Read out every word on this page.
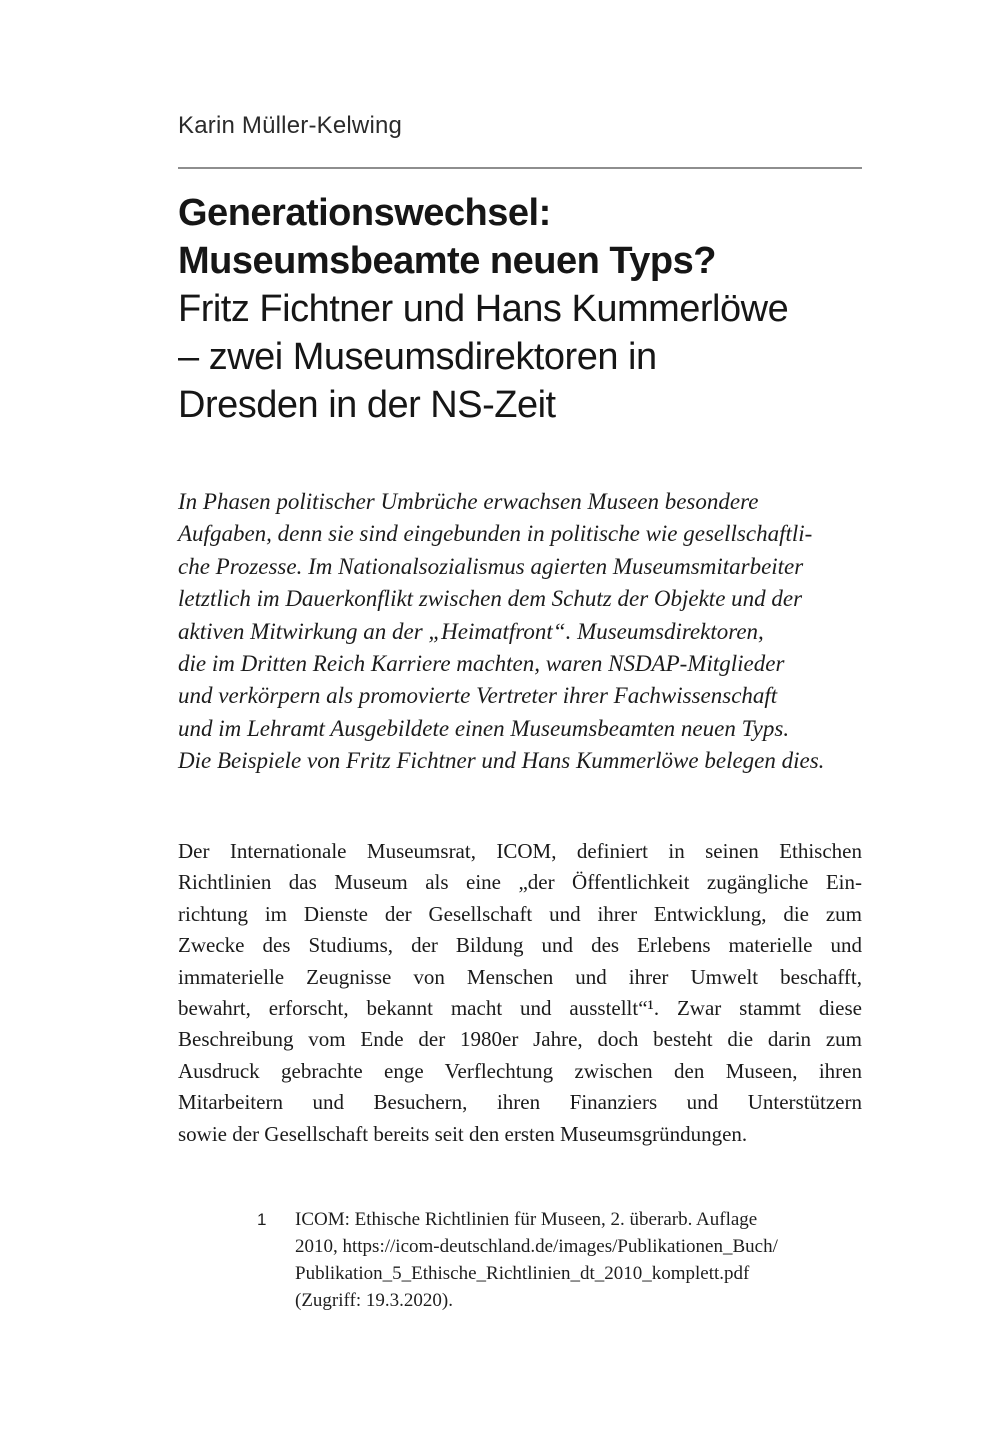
Karin Müller-Kelwing
Generationswechsel:
Museumsbeamte neuen Typs?
Fritz Fichtner und Hans Kummerlöwe
– zwei Museumsdirektoren in
Dresden in der NS-Zeit
In Phasen politischer Umbrüche erwachsen Museen besondere
Aufgaben, denn sie sind eingebunden in politische wie gesellschaftli-
che Prozesse. Im Nationalsozialismus agierten Museumsmitarbeiter
letztlich im Dauerkonflikt zwischen dem Schutz der Objekte und der
aktiven Mitwirkung an der „Heimatfront“. Museumsdirektoren,
die im Dritten Reich Karriere machten, waren NSDAP-Mitglieder
und verkörpern als promovierte Vertreter ihrer Fachwissenschaft
und im Lehramt Ausgebildete einen Museumsbeamten neuen Typs.
Die Beispiele von Fritz Fichtner und Hans Kummerlöwe belegen dies.
Der Internationale Museumsrat, ICOM, definiert in seinen Ethischen
Richtlinien das Museum als eine „der Öffentlichkeit zugängliche Ein-
richtung im Dienste der Gesellschaft und ihrer Entwicklung, die zum
Zwecke des Studiums, der Bildung und des Erlebens materielle und
immaterielle Zeugnisse von Menschen und ihrer Umwelt beschafft,
bewahrt, erforscht, bekannt macht und ausstellt“¹. Zwar stammt diese
Beschreibung vom Ende der 1980er Jahre, doch besteht die darin zum
Ausdruck gebrachte enge Verflechtung zwischen den Museen, ihren
Mitarbeitern und Besuchern, ihren Finanziers und Unterstützern
sowie der Gesellschaft bereits seit den ersten Museumsgründungen.
1 ICOM: Ethische Richtlinien für Museen, 2. überarb. Auflage
2010, https://icom-deutschland.de/images/Publikationen_Buch/
Publikation_5_Ethische_Richtlinien_dt_2010_komplett.pdf
(Zugriff: 19.3.2020).
